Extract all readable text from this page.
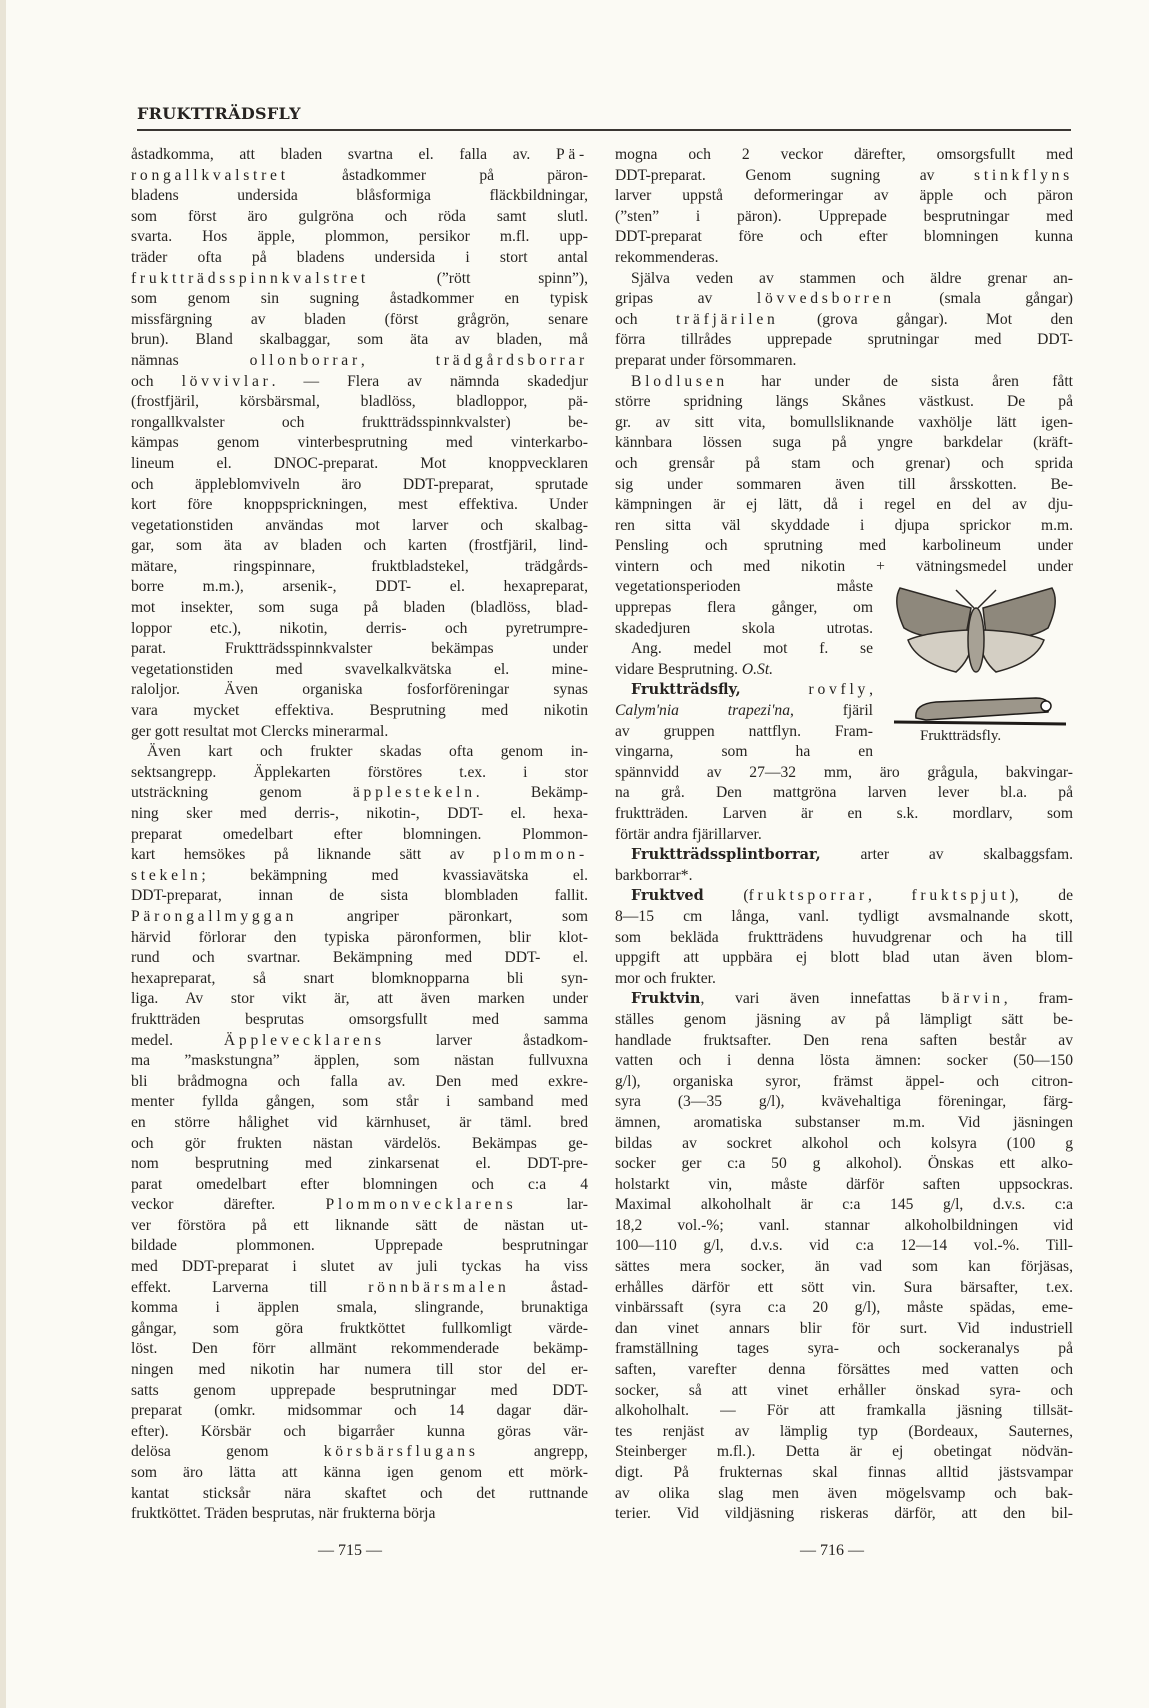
FRUKTTRÄDSFLY
åstadkomma, att bladen svartna el. falla av. Pä-
rongallkvalstret åstadkommer på päron-
bladens undersida blåsformiga fläckbildningar,
som först äro gulgröna och röda samt slutl.
svarta. Hos äpple, plommon, persikor m.fl. upp-
träder ofta på bladens undersida i stort antal
fruktträdsspinnkvalstret (”rött spinn”),
som genom sin sugning åstadkommer en typisk
missfärgning av bladen (först grågrön, senare
brun). Bland skalbaggar, som äta av bladen, må
nämnas ollonborrar, trädgårdsborrar
och lövvivlar. — Flera av nämnda skadedjur
(frostfjäril, körsbärsmal, bladlöss, bladloppor, pä-
rongallkvalster och fruktträdsspinnkvalster) be-
kämpas genom vinterbesprutning med vinterkarbo-
lineum el. DNOC-preparat. Mot knoppvecklaren
och äppleblomviveln äro DDT-preparat, sprutade
kort före knoppsprickningen, mest effektiva. Under
vegetationstiden användas mot larver och skalbag-
gar, som äta av bladen och karten (frostfjäril, lind-
mätare, ringspinnare, fruktbladstekel, trädgårds-
borre m.m.), arsenik-, DDT- el. hexapreparat,
mot insekter, som suga på bladen (bladlöss, blad-
loppor etc.), nikotin, derris- och pyretrumpre-
parat. Fruktträdsspinnkvalster bekämpas under
vegetationstiden med svavelkalkvätska el. mine-
raloljor. Även organiska fosforföreningar synas
vara mycket effektiva. Besprutning med nikotin
ger gott resultat mot Clercks minerarmal.
Även kart och frukter skadas ofta genom in-
sektsangrepp. Äpplekarten förstöres t.ex. i stor
utsträckning genom äpplestekeln. Bekämp-
ning sker med derris-, nikotin-, DDT- el. hexa-
preparat omedelbart efter blomningen. Plommon-
kart hemsökes på liknande sätt av plommon-
stekeln; bekämpning med kvassiavätska el.
DDT-preparat, innan de sista blombladen fallit.
Pärongallmyggan angriper päronkart, som
härvid förlorar den typiska päronformen, blir klot-
rund och svartnar. Bekämpning med DDT- el.
hexapreparat, så snart blomknopparna bli syn-
liga. Av stor vikt är, att även marken under
fruktträden besprutas omsorgsfullt med samma
medel. Äpplevecklarens larver åstadkom-
ma ”maskstungna” äpplen, som nästan fullvuxna
bli brådmogna och falla av. Den med exkre-
menter fyllda gången, som står i samband med
en större hålighet vid kärnhuset, är täml. bred
och gör frukten nästan värdelös. Bekämpas ge-
nom besprutning med zinkarsenat el. DDT-pre-
parat omedelbart efter blomningen och c:a 4
veckor därefter. Plommonvecklarens lar-
ver förstöra på ett liknande sätt de nästan ut-
bildade plommonen. Upprepade besprutningar
med DDT-preparat i slutet av juli tyckas ha viss
effekt. Larverna till rönnbärsmalen åstad-
komma i äpplen smala, slingrande, brunaktiga
gångar, som göra fruktköttet fullkomligt värde-
löst. Den förr allmänt rekommenderade bekämp-
ningen med nikotin har numera till stor del er-
satts genom upprepade besprutningar med DDT-
preparat (omkr. midsommar och 14 dagar där-
efter). Körsbär och bigarråer kunna göras vär-
delösa genom körsbärsflugans angrepp,
som äro lätta att känna igen genom ett mörk-
kantat sticksår nära skaftet och det ruttnande
fruktköttet. Träden besprutas, när frukterna börja
mogna och 2 veckor därefter, omsorgsfullt med
DDT-preparat. Genom sugning av stinkflyns
larver uppstå deformeringar av äpple och päron
(”sten” i päron). Upprepade besprutningar med
DDT-preparat före och efter blomningen kunna
rekommenderas.
Själva veden av stammen och äldre grenar an-
gripas av lövvedsborren (smala gångar)
och träfjärilen (grova gångar). Mot den
förra tillrådes upprepade sprutningar med DDT-
preparat under försommaren.
Blodlusen har under de sista åren fått
större spridning längs Skånes västkust. De på
gr. av sitt vita, bomullsliknande vaxhölje lätt igen-
kännbara lössen suga på yngre barkdelar (kräft-
och grensår på stam och grenar) och sprida
sig under sommaren även till årsskotten. Be-
kämpningen är ej lätt, då i regel en del av dju-
ren sitta väl skyddade i djupa sprickor m.m.
Pensling och sprutning med karbolineum under
vintern och med nikotin + vätningsmedel under
vegetationsperioden måste
upprepas flera gånger, om
skadedjuren skola utrotas.
Ang. medel mot f. se
vidare Besprutning. O.St.
Fruktträdsfly,	rovfly,
Calym'nia trapezi'na, fjäril
av gruppen nattflyn. Fram-
vingarna, som ha en
spännvidd av 27—32 mm, äro grågula, bakvingar-
na grå. Den mattgröna larven lever bl.a. på
fruktträden. Larven är en s.k. mordlarv, som
förtär andra fjärillarver.
Fruktträdssplintborrar, arter av skalbaggsfam.
barkborrar*.
Fruktved (fruktsporrar, fruktspjut), de
8—15 cm långa, vanl. tydligt avsmalnande skott,
som bekläda fruktträdens huvudgrenar och ha till
uppgift att uppbära ej blott blad utan även blom-
mor och frukter.
Fruktvin, vari även innefattas bärvin, fram-
ställes genom jäsning av på lämpligt sätt be-
handlade fruktsafter. Den rena saften består av
vatten och i denna lösta ämnen: socker (50—150
g/l), organiska syror, främst äppel- och citron-
syra (3—35 g/l), kvävehaltiga föreningar, färg-
ämnen, aromatiska substanser m.m. Vid jäsningen
bildas av sockret alkohol och kolsyra (100 g
socker ger c:a 50 g alkohol). Önskas ett alko-
holstarkt vin, måste därför saften uppsockras.
Maximal alkoholhalt är c:a 145 g/l, d.v.s. c:a
18,2 vol.-%; vanl. stannar alkoholbildningen vid
100—110 g/l, d.v.s. vid c:a 12—14 vol.-%. Till-
sättes mera socker, än vad som kan förjäsas,
erhålles därför ett sött vin. Sura bärsafter, t.ex.
vinbärssaft (syra c:a 20 g/l), måste spädas, eme-
dan vinet annars blir för surt. Vid industriell
framställning tages syra- och sockeranalys på
saften, varefter denna försättes med vatten och
socker, så att vinet erhåller önskad syra- och
alkoholhalt. — För att framkalla jäsning tillsät-
tes renjäst av lämplig typ (Bordeaux, Sauternes,
Steinberger m.fl.). Detta är ej obetingat nödvän-
digt. På frukternas skal finnas alltid jästsvampar
av olika slag men även mögelsvamp och bak-
terier. Vid vildjäsning riskeras därför, att den bil-
Fruktträdsfly.
— 715 —	— 716 —
